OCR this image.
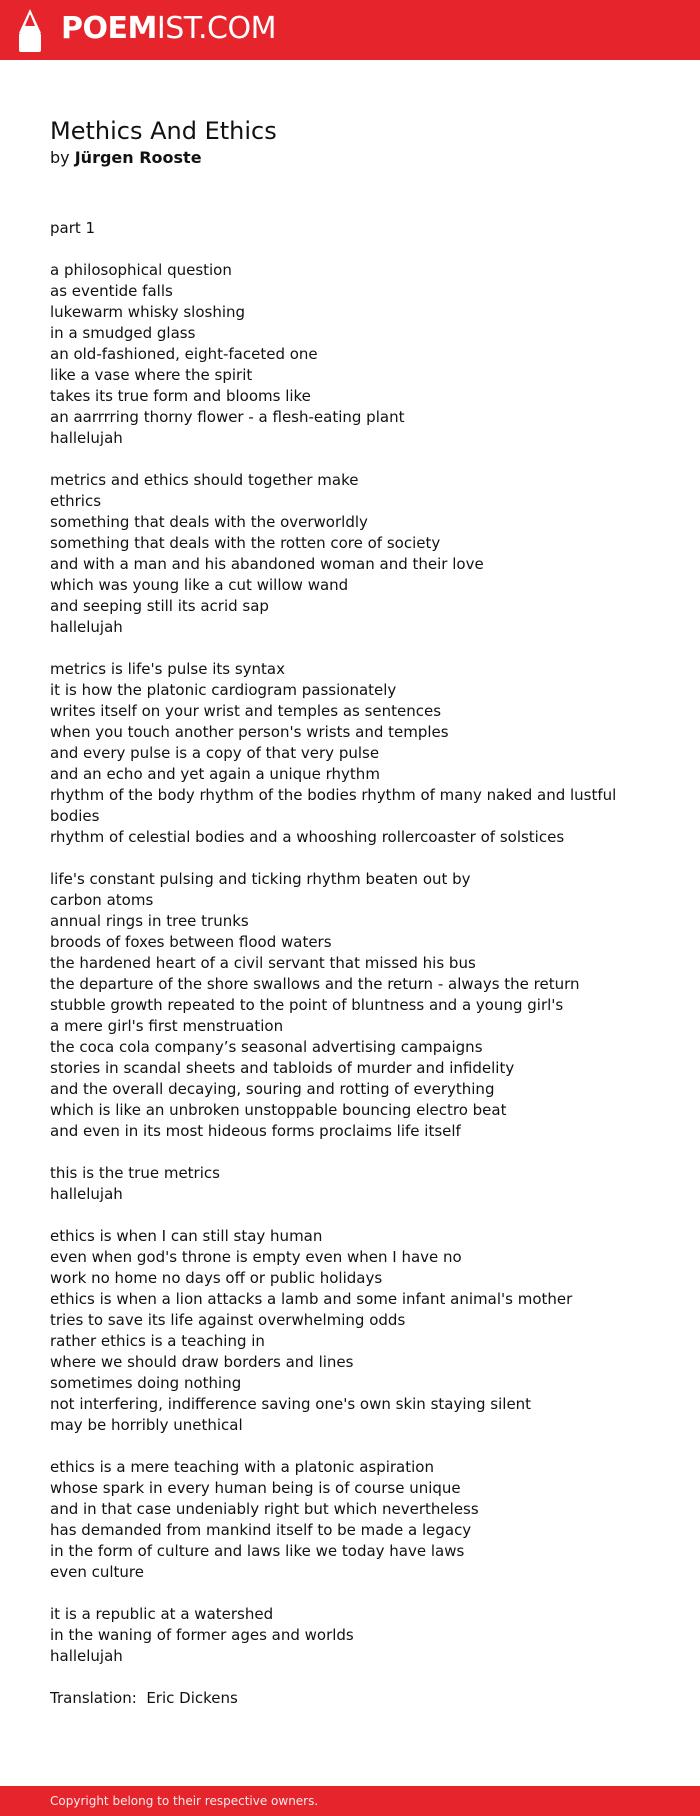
POEMIST.COM
Methics And Ethics

by Jürgen Rooste

part 1
a philosophical question
as eventide falls
lukewarm whisky sloshing
in a smudged glass
an old-fashioned, eight-faceted one
like a vase where the spirit
takes its true form and blooms like
an aarrrring thorny flower - a flesh-eating plant
hallelujah
metrics and ethics should together make
ethrics
something that deals with the overworldly
something that deals with the rotten core of society
and with a man and his abandoned woman and their love
which was young like a cut willow wand
and seeping still its acrid sap
hallelujah
metrics is life's pulse its syntax
it is how the platonic cardiogram passionately
writes itself on your wrist and temples as sentences
when you touch another person's wrists and temples
and every pulse is a copy of that very pulse
and an echo and yet again a unique rhythm
rhythm of the body rhythm of the bodies rhythm of many naked and lustful
bodies
rhythm of celestial bodies and a whooshing rollercoaster of solstices
life's constant pulsing and ticking rhythm beaten out by
carbon atoms
annual rings in tree trunks
broods of foxes between flood waters
the hardened heart of a civil servant that missed his bus
the departure of the shore swallows and the return - always the return
stubble growth repeated to the point of bluntness and a young girl's
a mere girl's first menstruation
the coca cola company’s seasonal advertising campaigns
stories in scandal sheets and tabloids of murder and infidelity
and the overall decaying, souring and rotting of everything
which is like an unbroken unstoppable bouncing electro beat
and even in its most hideous forms proclaims life itself
this is the true metrics
hallelujah
ethics is when I can still stay human
even when god's throne is empty even when I have no
work no home no days off or public holidays
ethics is when a lion attacks a lamb and some infant animal's mother
tries to save its life against overwhelming odds
rather ethics is a teaching in
where we should draw borders and lines
sometimes doing nothing
not interfering, indifference saving one's own skin staying silent
may be horribly unethical
ethics is a mere teaching with a platonic aspiration
whose spark in every human being is of course unique
and in that case undeniably right but which nevertheless
has demanded from mankind itself to be made a legacy
in the form of culture and laws like we today have laws
even culture
it is a republic at a watershed
in the waning of former ages and worlds
hallelujah
Translation:  Eric Dickens
Copyright belong to their respective owners.
